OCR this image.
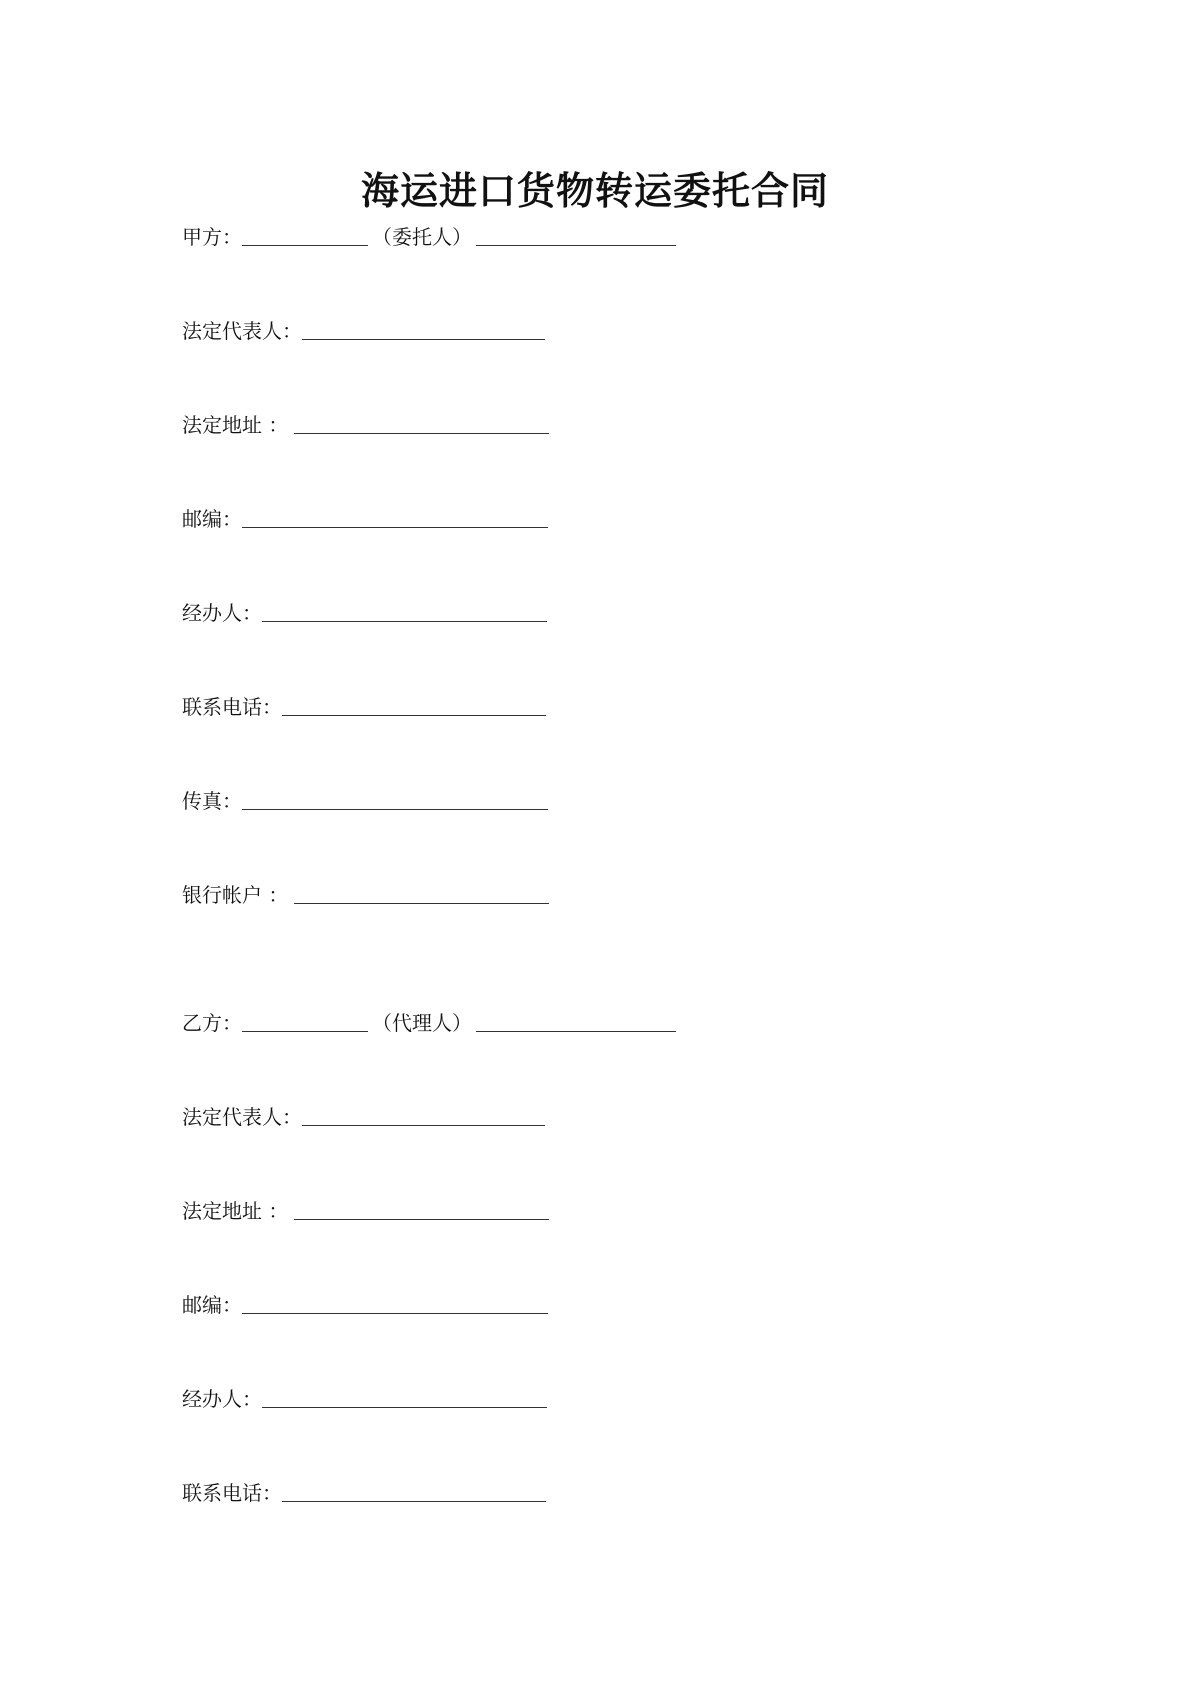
海运进口货物转运委托合同
甲方：	（委托人）
法定代表人：
法定地址 ：
邮编：
经办人：
联系电话：
传真：
银行帐户 ：
乙方：	（代理人）
法定代表人：
法定地址 ：
邮编：
经办人：
联系电话：
